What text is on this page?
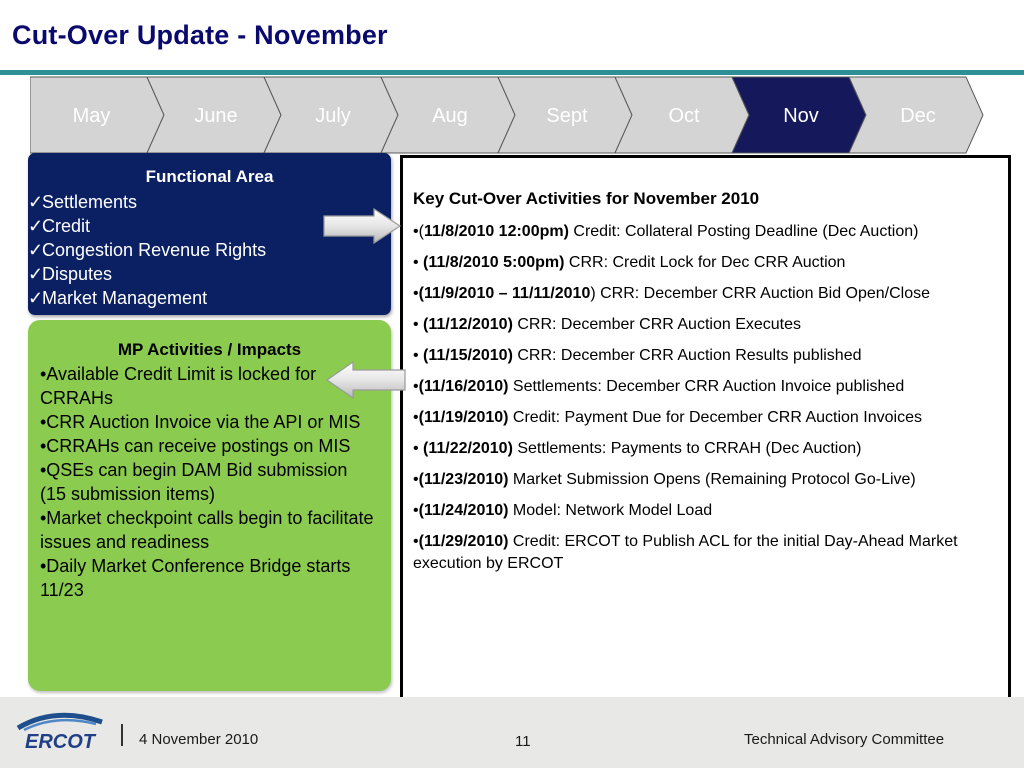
Cut-Over Update - November
May	June	July	Aug	Sept	Oct	Nov	Dec
Functional Area
✓Settlements
✓Credit
✓Congestion Revenue Rights
✓Disputes
✓Market Management
MP Activities / Impacts
•Available Credit Limit is locked for CRRAHs
•CRR Auction Invoice via the API or MIS
•CRRAHs can receive postings on MIS
•QSEs can begin DAM Bid submission (15 submission items)
•Market checkpoint calls begin to facilitate issues and readiness
•Daily Market Conference Bridge starts 11/23
Key Cut-Over Activities for November 2010
•(11/8/2010 12:00pm) Credit: Collateral Posting Deadline (Dec Auction)
• (11/8/2010 5:00pm) CRR: Credit Lock for Dec CRR Auction
•(11/9/2010 – 11/11/2010) CRR: December CRR Auction Bid Open/Close
• (11/12/2010) CRR: December CRR Auction Executes
• (11/15/2010) CRR: December CRR Auction Results published
•(11/16/2010) Settlements: December CRR Auction Invoice published
•(11/19/2010) Credit: Payment Due for December CRR Auction Invoices
• (11/22/2010) Settlements: Payments to CRRAH (Dec Auction)
•(11/23/2010) Market Submission Opens (Remaining Protocol Go-Live)
•(11/24/2010) Model: Network Model Load
•(11/29/2010) Credit: ERCOT to Publish ACL for the initial Day-Ahead Market execution by ERCOT
ERCOT	4 November 2010	11	Technical Advisory Committee
